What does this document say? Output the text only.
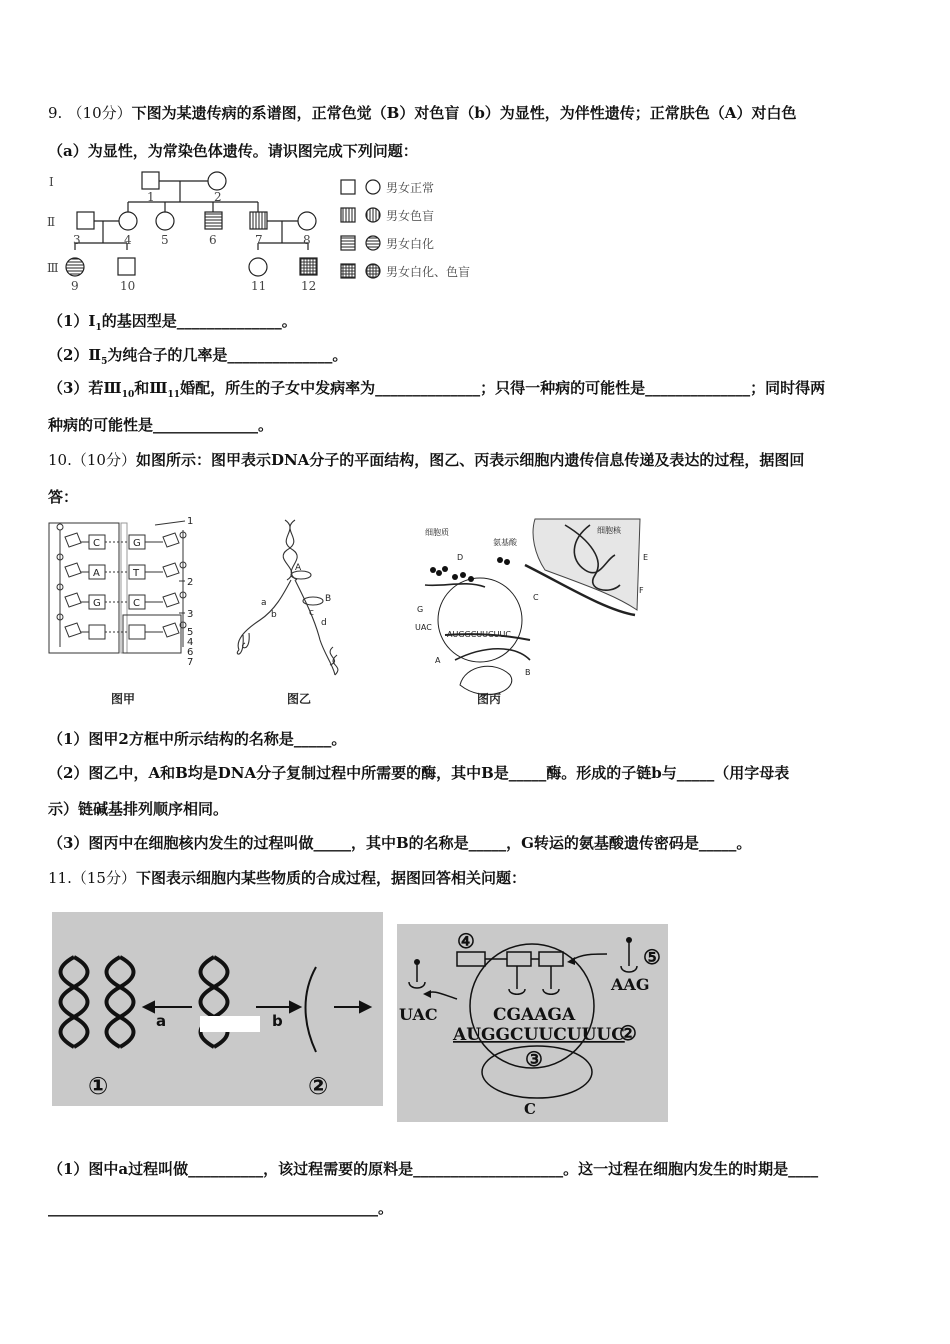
9. （10分）下图为某遗传病的系谱图，正常色觉（B）对色盲（b）为显性，为伴性遗传；正常肤色（A）对白色
（a）为显性，为常染色体遗传。请识图完成下列问题：
Ⅰ
Ⅱ
Ⅲ
1	2
3	4 5	6	7	8
9	10	11	12
男女正常
男女色盲
男女白化
男女白化、色盲
$(1)Ⅰ_1$的基因型是______________。
$(2)Ⅱ_5$为纯合子的几率是______________。
（3）若$Ⅲ_{10}$和$Ⅲ_{11}$婚配，所生的子女中发病率为______________；只得一种病的可能性是______________；同时得两
种病的可能性是______________。
10.（10分）如图所示：图甲表示DNA分子的平面结构，图乙、丙表示细胞内遗传信息传递及表达的过程，据图回
答：
C	G
A	T
G	C
1
2
3
5
4
6
7
图甲
A
B
a
b	c
d
图乙
细胞质
氨基酸
细胞核
D
G
C
E
F
A
B
UAC
AUGGCUUCUUC
图丙
（1）图甲2方框中所示结构的名称是_____。
（2）图乙中，A和B均是DNA分子复制过程中所需要的酶，其中B是_____酶。形成的子链b与_____（用字母表
示）链碱基排列顺序相同。
（3）图丙中在细胞核内发生的过程叫做_____，其中B的名称是_____，G转运的氨基酸遗传密码是_____。
11.（15分）下图表示细胞内某些物质的合成过程，据图回答相关问题：
a	b
①	②
④
⑤
UAC
AAG
CGAAGA
AUGGCUUCUUUC
②
③
C
（1）图中a过程叫做__________，该过程需要的原料是____________________。这一过程在细胞内发生的时期是____
____________________________________________。
